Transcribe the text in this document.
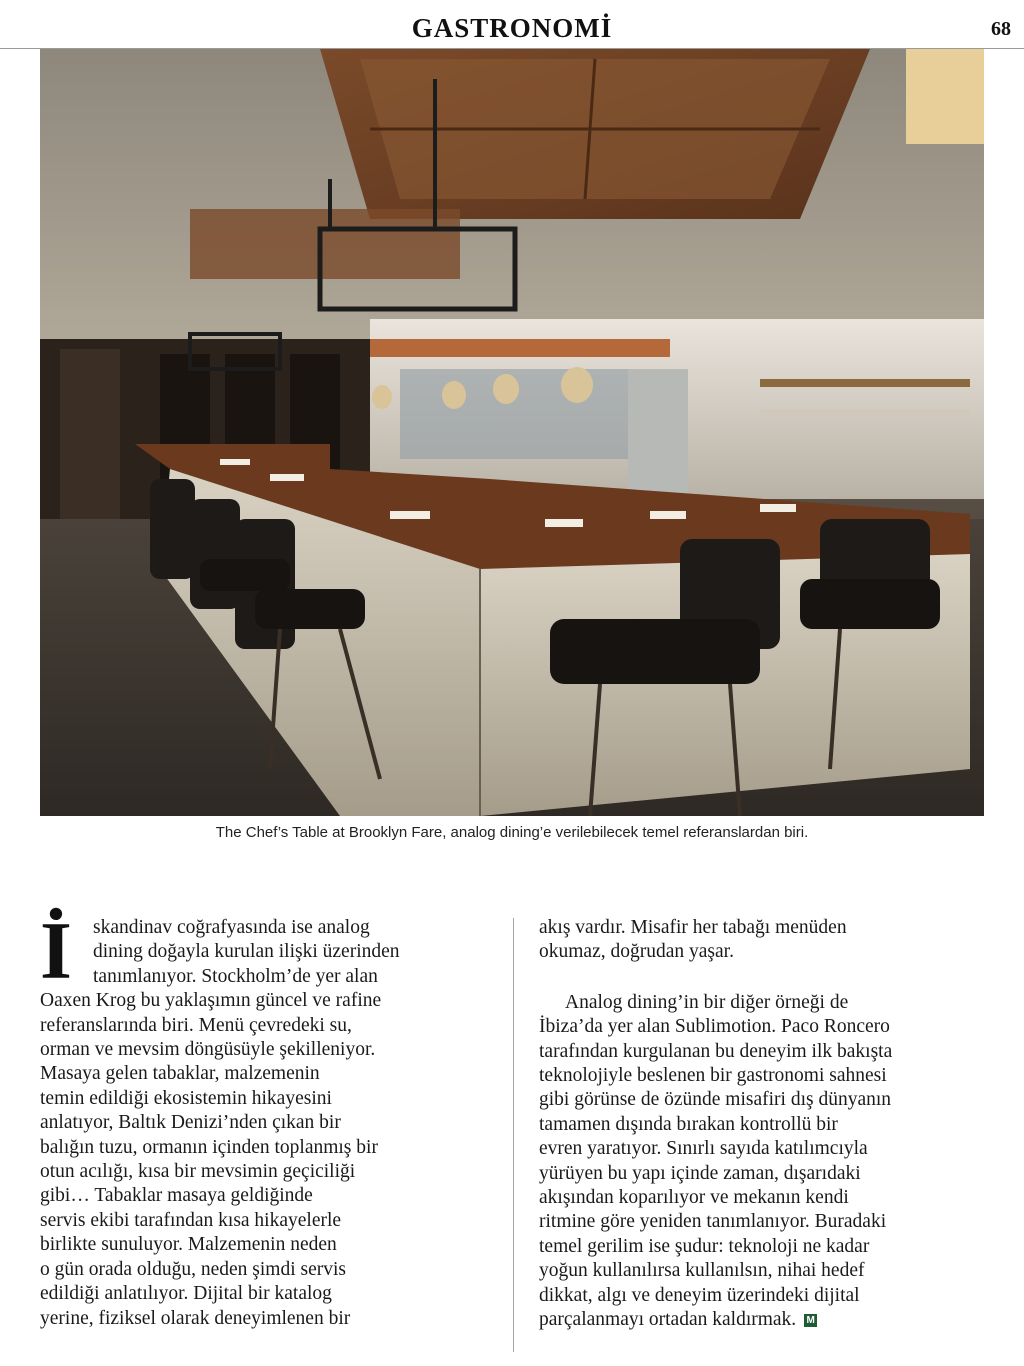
GASTRONOMİ	68
The Chef’s Table at Brooklyn Fare, analog dining’e verilebilecek temel referanslardan biri.
İ	skandinav coğrafyasında ise analog

dining doğayla kurulan ilişki üzerinden

tanımlanıyor. Stockholm’de yer alan

Oaxen Krog bu yaklaşımın güncel ve rafine

referanslarında biri. Menü çevredeki su,

orman ve mevsim döngüsüyle şekilleniyor.

Masaya gelen tabaklar, malzemenin

temin edildiği ekosistemin hikayesini

anlatıyor, Baltık Denizi’nden çıkan bir

balığın tuzu, ormanın içinden toplanmış bir

otun acılığı, kısa bir mevsimin geçiciliği

gibi… Tabaklar masaya geldiğinde

servis ekibi tarafından kısa hikayelerle

birlikte sunuluyor. Malzemenin neden

o gün orada olduğu, neden şimdi servis

edildiği anlatılıyor. Dijital bir katalog

yerine, fiziksel olarak deneyimlenen bir

akış vardır. Misafir her tabağı menüden

okumaz, doğrudan yaşar.

Analog dining’in bir diğer örneği de

İbiza’da yer alan Sublimotion. Paco Roncero

tarafından kurgulanan bu deneyim ilk bakışta

teknolojiyle beslenen bir gastronomi sahnesi

gibi görünse de özünde misafiri dış dünyanın

tamamen dışında bırakan kontrollü bir

evren yaratıyor. Sınırlı sayıda katılımcıyla

yürüyen bu yapı içinde zaman, dışarıdaki

akışından koparılıyor ve mekanın kendi

ritmine göre yeniden tanımlanıyor. Buradaki

temel gerilim ise şudur: teknoloji ne kadar

yoğun kullanılırsa kullanılsın, nihai hedef

dikkat, algı ve deneyim üzerindeki dijital

parçalanmayı ortadan kaldırmak. M
